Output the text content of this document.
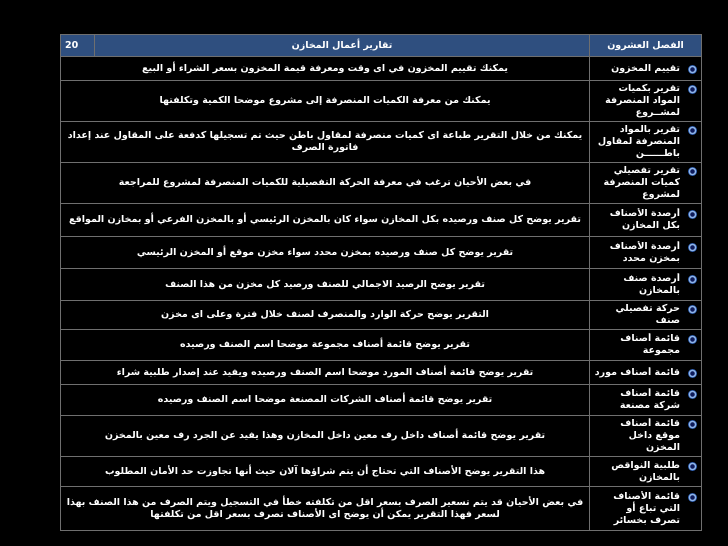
الفصل العشرون	تقارير أعمال المخازن	20

تقييم المخزون	يمكنك تقييم المخزون في اى وقت ومعرفة قيمة المخزون بسعر الشراء أو البيع	

تقرير بكميات المواد المنصرفة لمشــروع	يمكنك من معرفة الكميات المنصرفة إلى مشروع موضحا الكمية وتكلفتها	

تقرير بالمواد المنصرفة لمقاول باطــــــن	يمكنك من خلال التقرير طباعة اى كميات منصرفة لمقاول باطن حيث تم تسجيلها كدفعة على المقاول عند إعداد فاتورة الصرف	

تقرير تفصيلي كميات المنصرفة لمشروع	في بعض الأحيان ترغب في معرفة الحركة التفصيلية للكميات المنصرفة لمشروع للمراجعة	

أرصدة الأصناف بكل المخازن	تقرير يوضح كل صنف ورصيده بكل المخازن سواء كان بالمخزن الرئيسي أو بالمخزن الفرعي أو بمخازن المواقع	

أرصدة الأصناف بمخزن محدد	تقرير يوضح كل صنف ورصيده بمخزن محدد سواء مخزن موقع أو المخزن الرئيسي	

أرصدة صنف بالمخازن	تقرير يوضح الرصيد الاجمالي للصنف ورصيد كل مخزن من هذا الصنف	

حركة تفصيلي صنف	التقرير يوضح حركة الوارد والمنصرف لصنف خلال فترة وعلى اى مخزن	

قائمة أصناف مجموعة	تقرير يوضح قائمة أصناف مجموعة موضحا اسم الصنف ورصيده	

قائمة أصناف مورد	تقرير يوضح قائمة أصناف المورد موضحا اسم الصنف ورصيده ويفيد عند إصدار طلبية شراء	

قائمة أصناف شركة مصنعة	تقرير يوضح قائمة أصناف الشركات المصنعة موضحا اسم الصنف ورصيده	

قائمة أصناف موقع داخل المخزن	تقرير يوضح قائمة أصناف داخل رف معين داخل المخازن وهذا يفيد عن الجرد رف معين بالمخزن	

طلبية النواقص بالمخازن	هذا التقرير يوضح الأصناف التي تحتاج أن يتم شراؤها آلان حيث أنها تجاوزت حد الأمان المطلوب	

قائمة الأصناف التي تباع أو تصرف بخسائر	في بعض الأحيان قد يتم تسعير الصرف بسعر اقل من تكلفته خطأ في التسجيل ويتم الصرف من هذا الصنف بهذا لسعر فهذا التقرير يمكن أن يوضح اى الأصناف تصرف بسعر اقل من تكلفتها	
